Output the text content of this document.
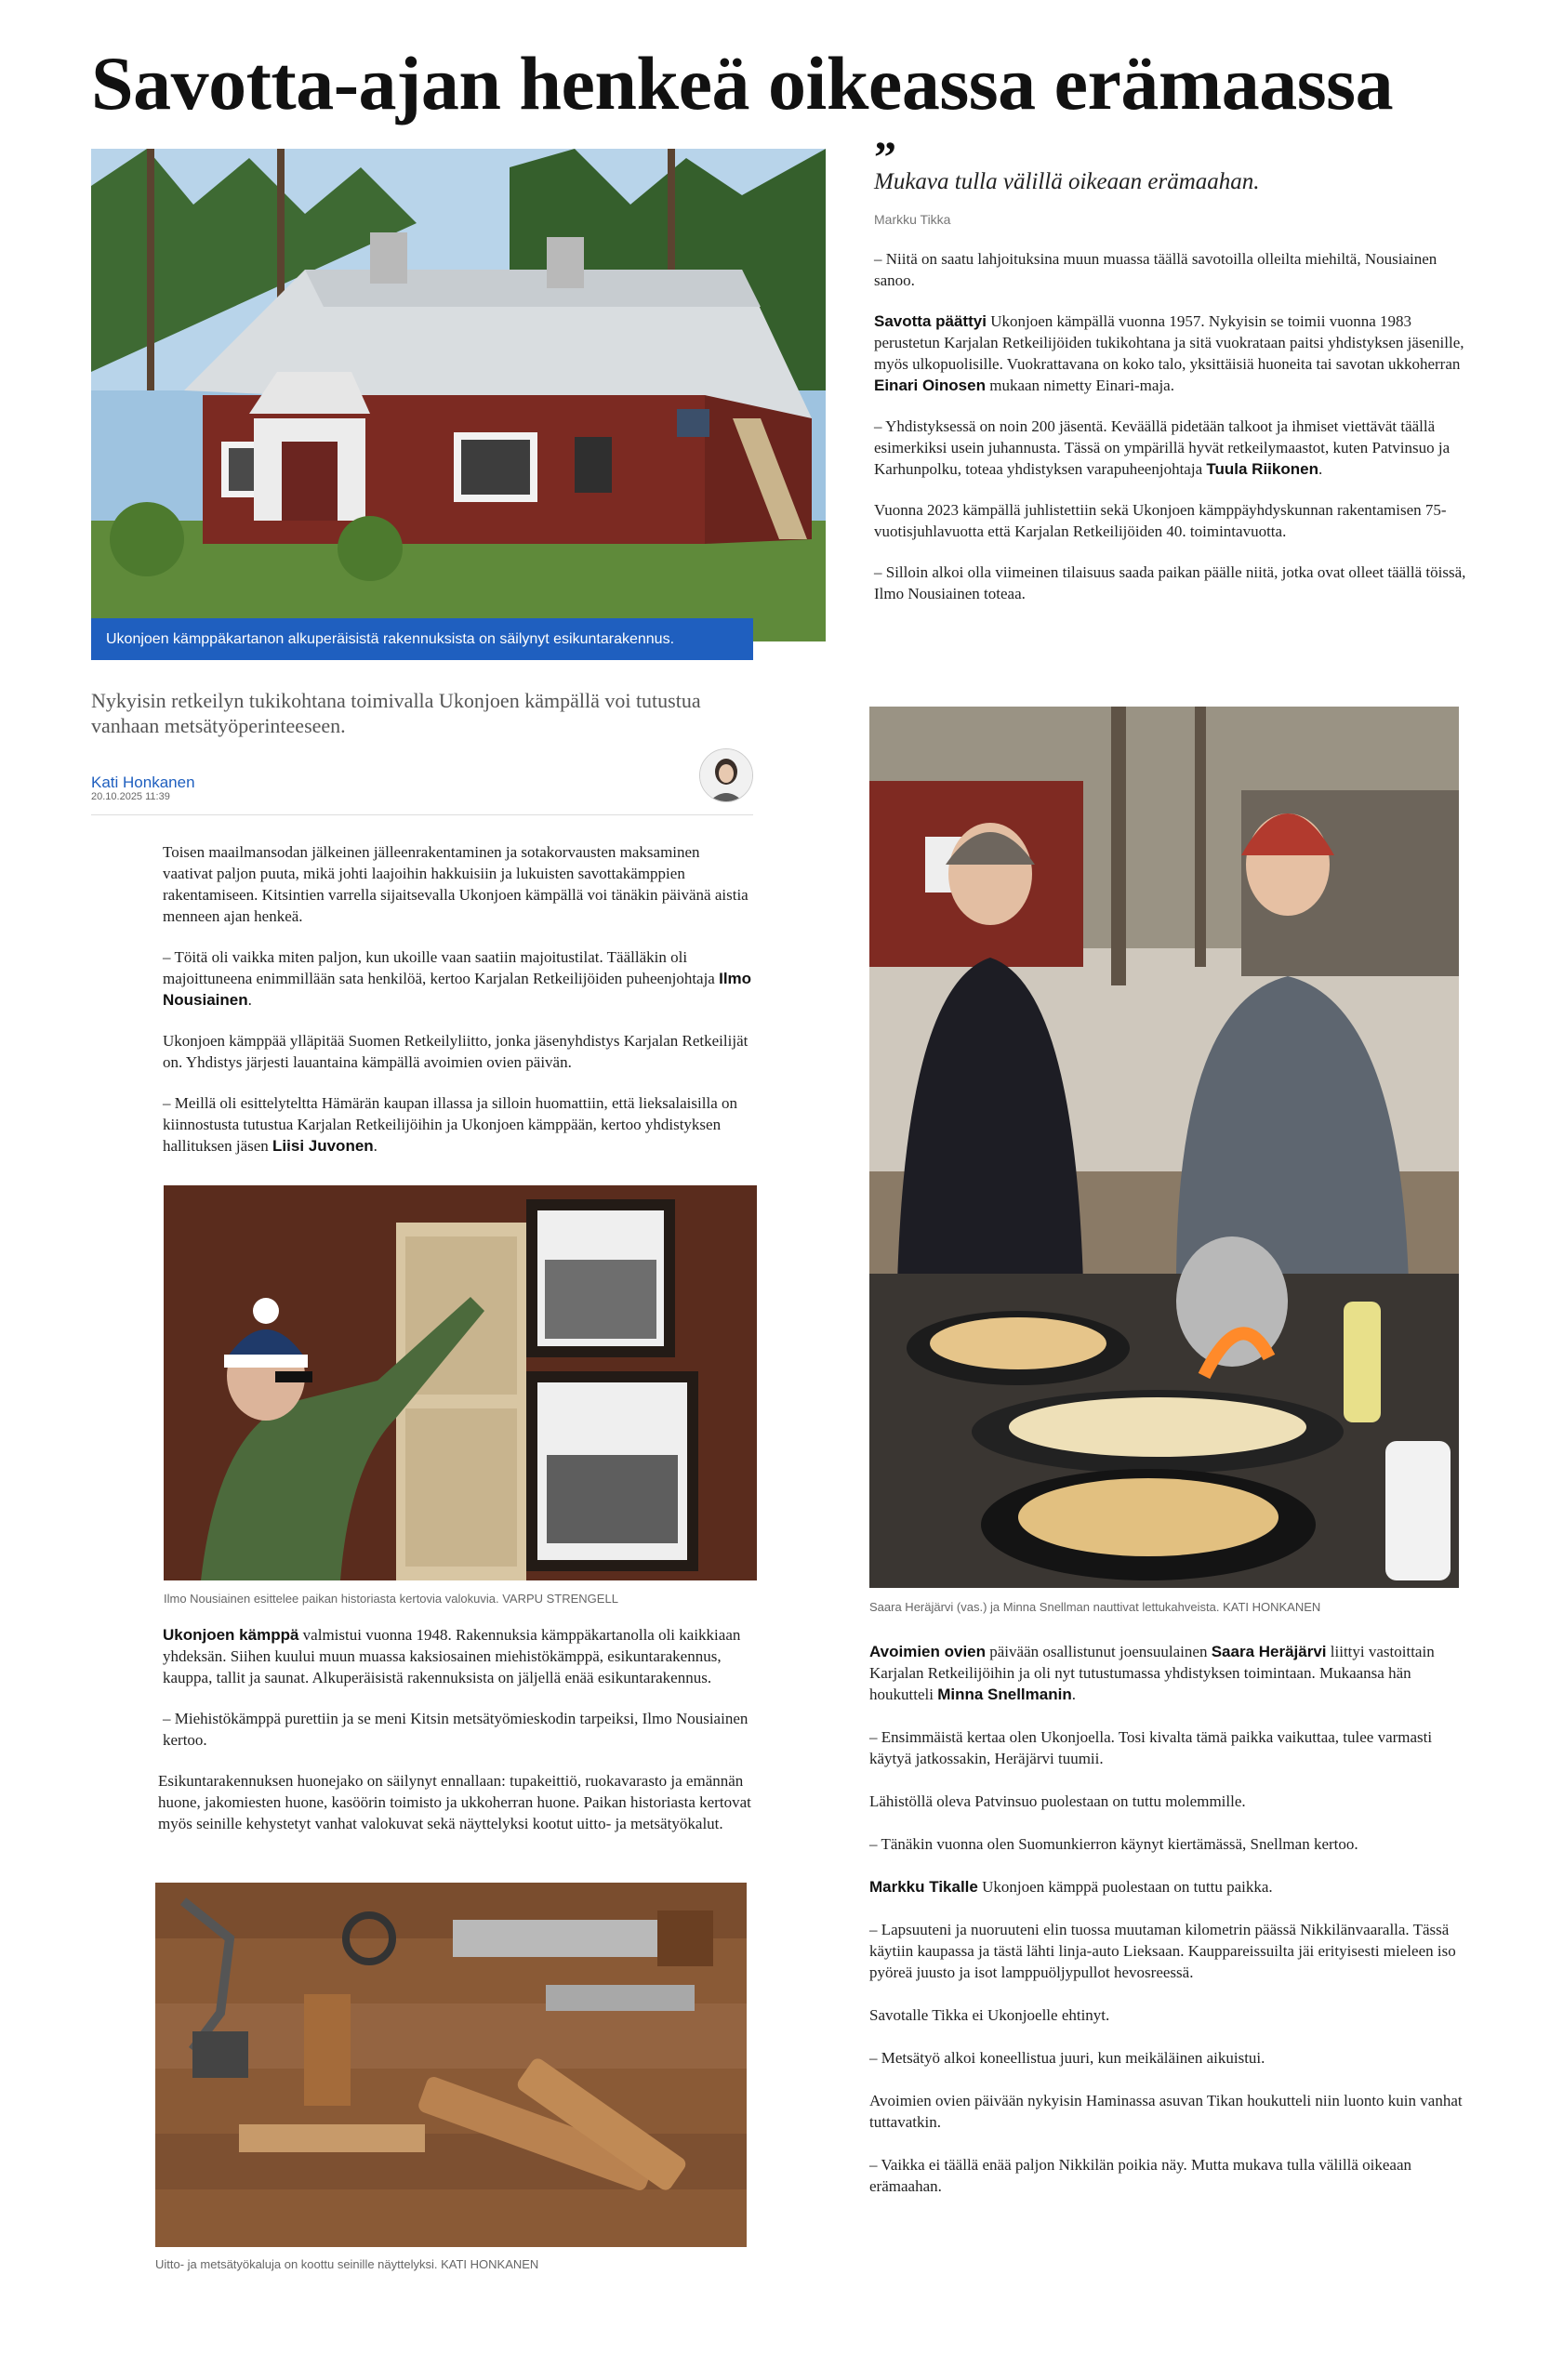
Savotta-ajan henkeä oikeassa erämaassa
Ukonjoen kämppäkartanon alkuperäisistä rakennuksista on säilynyt esikuntarakennus.
Nykyisin retkeilyn tukikohtana toimivalla Ukonjoen kämpällä voi tutustua vanhaan metsätyöperinteeseen.
Kati Honkanen
20.10.2025 11:39

Toisen maailmansodan jälkeinen jälleenrakentaminen ja sotakorvausten maksaminen vaativat paljon puuta, mikä johti laajoihin hakkuisiin ja lukuisten savottakämppien rakentamiseen. Kitsintien varrella sijaitsevalla Ukonjoen kämpällä voi tänäkin päivänä aistia menneen ajan henkeä.

– Töitä oli vaikka miten paljon, kun ukoille vaan saatiin majoitustilat. Täälläkin oli majoittuneena enimmillään sata henkilöä, kertoo Karjalan Retkeilijöiden puheenjohtaja Ilmo Nousiainen.

Ukonjoen kämppää ylläpitää Suomen Retkeilyliitto, jonka jäsenyhdistys Karjalan Retkeilijät on. Yhdistys järjesti lauantaina kämpällä avoimien ovien päivän.

– Meillä oli esittelyteltta Hämärän kaupan illassa ja silloin huomattiin, että lieksalaisilla on kiinnostusta tutustua Karjalan Retkeilijöihin ja Ukonjoen kämppään, kertoo yhdistyksen hallituksen jäsen Liisi Juvonen.

Ilmo Nousiainen esittelee paikan historiasta kertovia valokuvia. VARPU STRENGELL

Ukonjoen kämppä valmistui vuonna 1948. Rakennuksia kämppäkartanolla oli kaikkiaan yhdeksän. Siihen kuului muun muassa kaksiosainen miehistökämppä, esikuntarakennus, kauppa, tallit ja saunat. Alkuperäisistä rakennuksista on jäljellä enää esikuntarakennus.

– Miehistökämppä purettiin ja se meni Kitsin metsätyömieskodin tarpeiksi, Ilmo Nousiainen kertoo.

Esikuntarakennuksen huonejako on säilynyt ennallaan: tupakeittiö, ruokavarasto ja emännän huone, jakomiesten huone, kasöörin toimisto ja ukkoherran huone. Paikan historiasta kertovat myös seinille kehystetyt vanhat valokuvat sekä näyttelyksi kootut uitto- ja metsätyökalut.

Uitto- ja metsätyökaluja on koottu seinille näyttelyksi. KATI HONKANEN
”
Mukava tulla välillä oikeaan erämaahan.
Markku Tikka

– Niitä on saatu lahjoituksina muun muassa täällä savotoilla olleilta miehiltä, Nousiainen sanoo.

Savotta päättyi Ukonjoen kämpällä vuonna 1957. Nykyisin se toimii vuonna 1983 perustetun Karjalan Retkeilijöiden tukikohtana ja sitä vuokrataan paitsi yhdistyksen jäsenille, myös ulkopuolisille. Vuokrattavana on koko talo, yksittäisiä huoneita tai savotan ukkoherran Einari Oinosen mukaan nimetty Einari-maja.

– Yhdistyksessä on noin 200 jäsentä. Keväällä pidetään talkoot ja ihmiset viettävät täällä esimerkiksi usein juhannusta. Tässä on ympärillä hyvät retkeilymaastot, kuten Patvinsuo ja Karhunpolku, toteaa yhdistyksen varapuheenjohtaja Tuula Riikonen.

Vuonna 2023 kämpällä juhlistettiin sekä Ukonjoen kämppäyhdyskunnan rakentamisen 75-vuotisjuhlavuotta että Karjalan Retkeilijöiden 40. toimintavuotta.

– Silloin alkoi olla viimeinen tilaisuus saada paikan päälle niitä, jotka ovat olleet täällä töissä, Ilmo Nousiainen toteaa.

Saara Heräjärvi (vas.) ja Minna Snellman nauttivat lettukahveista. KATI HONKANEN

Avoimien ovien päivään osallistunut joensuulainen Saara Heräjärvi liittyi vastoittain Karjalan Retkeilijöihin ja oli nyt tutustumassa yhdistyksen toimintaan. Mukaansa hän houkutteli Minna Snellmanin.

– Ensimmäistä kertaa olen Ukonjoella. Tosi kivalta tämä paikka vaikuttaa, tulee varmasti käytyä jatkossakin, Heräjärvi tuumii.

Lähistöllä oleva Patvinsuo puolestaan on tuttu molemmille.

– Tänäkin vuonna olen Suomunkierron käynyt kiertämässä, Snellman kertoo.

Markku Tikalle Ukonjoen kämppä puolestaan on tuttu paikka.

– Lapsuuteni ja nuoruuteni elin tuossa muutaman kilometrin päässä Nikkilänvaaralla. Tässä käytiin kaupassa ja tästä lähti linja-auto Lieksaan. Kauppareissuilta jäi erityisesti mieleen iso pyöreä juusto ja isot lamppuöljypullot hevosreessä.

Savotalle Tikka ei Ukonjoelle ehtinyt.

– Metsätyö alkoi koneellistua juuri, kun meikäläinen aikuistui.

Avoimien ovien päivään nykyisin Haminassa asuvan Tikan houkutteli niin luonto kuin vanhat tuttavatkin.

– Vaikka ei täällä enää paljon Nikkilän poikia näy. Mutta mukava tulla välillä oikeaan erämaahan.
